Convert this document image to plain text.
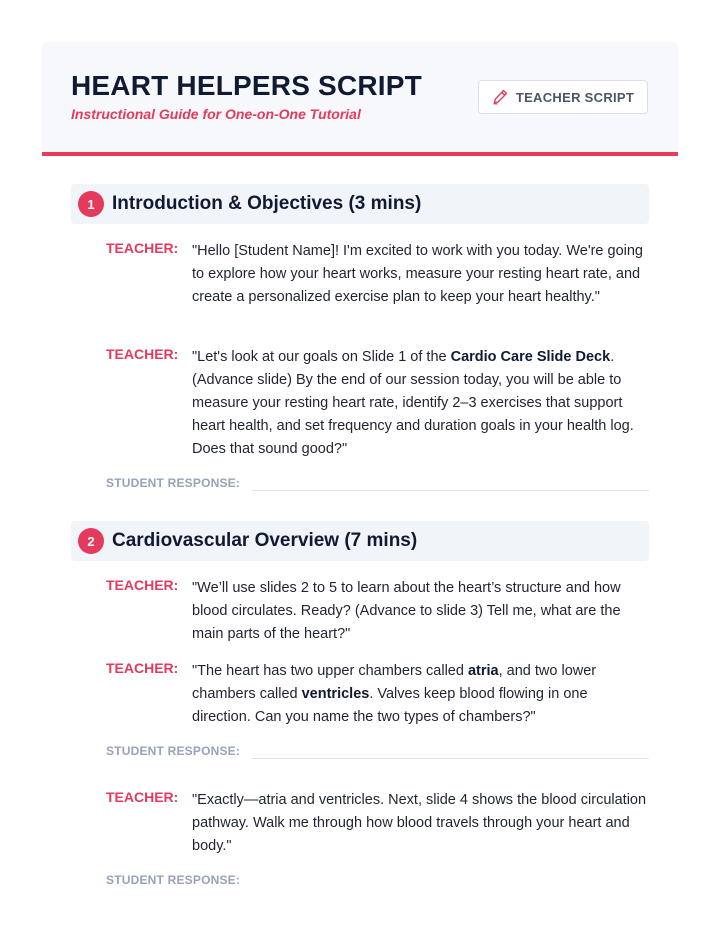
HEART HELPERS SCRIPT
Instructional Guide for One-on-One Tutorial
TEACHER SCRIPT
1 Introduction & Objectives (3 mins)
TEACHER: "Hello [Student Name]! I'm excited to work with you today. We're going to explore how your heart works, measure your resting heart rate, and create a personalized exercise plan to keep your heart healthy."
TEACHER: "Let's look at our goals on Slide 1 of the Cardio Care Slide Deck. (Advance slide) By the end of our session today, you will be able to measure your resting heart rate, identify 2–3 exercises that support heart health, and set frequency and duration goals in your health log. Does that sound good?"
STUDENT RESPONSE:
2 Cardiovascular Overview (7 mins)
TEACHER: "We’ll use slides 2 to 5 to learn about the heart’s structure and how blood circulates. Ready? (Advance to slide 3) Tell me, what are the main parts of the heart?"
TEACHER: "The heart has two upper chambers called atria, and two lower chambers called ventricles. Valves keep blood flowing in one direction. Can you name the two types of chambers?"
STUDENT RESPONSE:
TEACHER: "Exactly—atria and ventricles. Next, slide 4 shows the blood circulation pathway. Walk me through how blood travels through your heart and body."
STUDENT RESPONSE:
